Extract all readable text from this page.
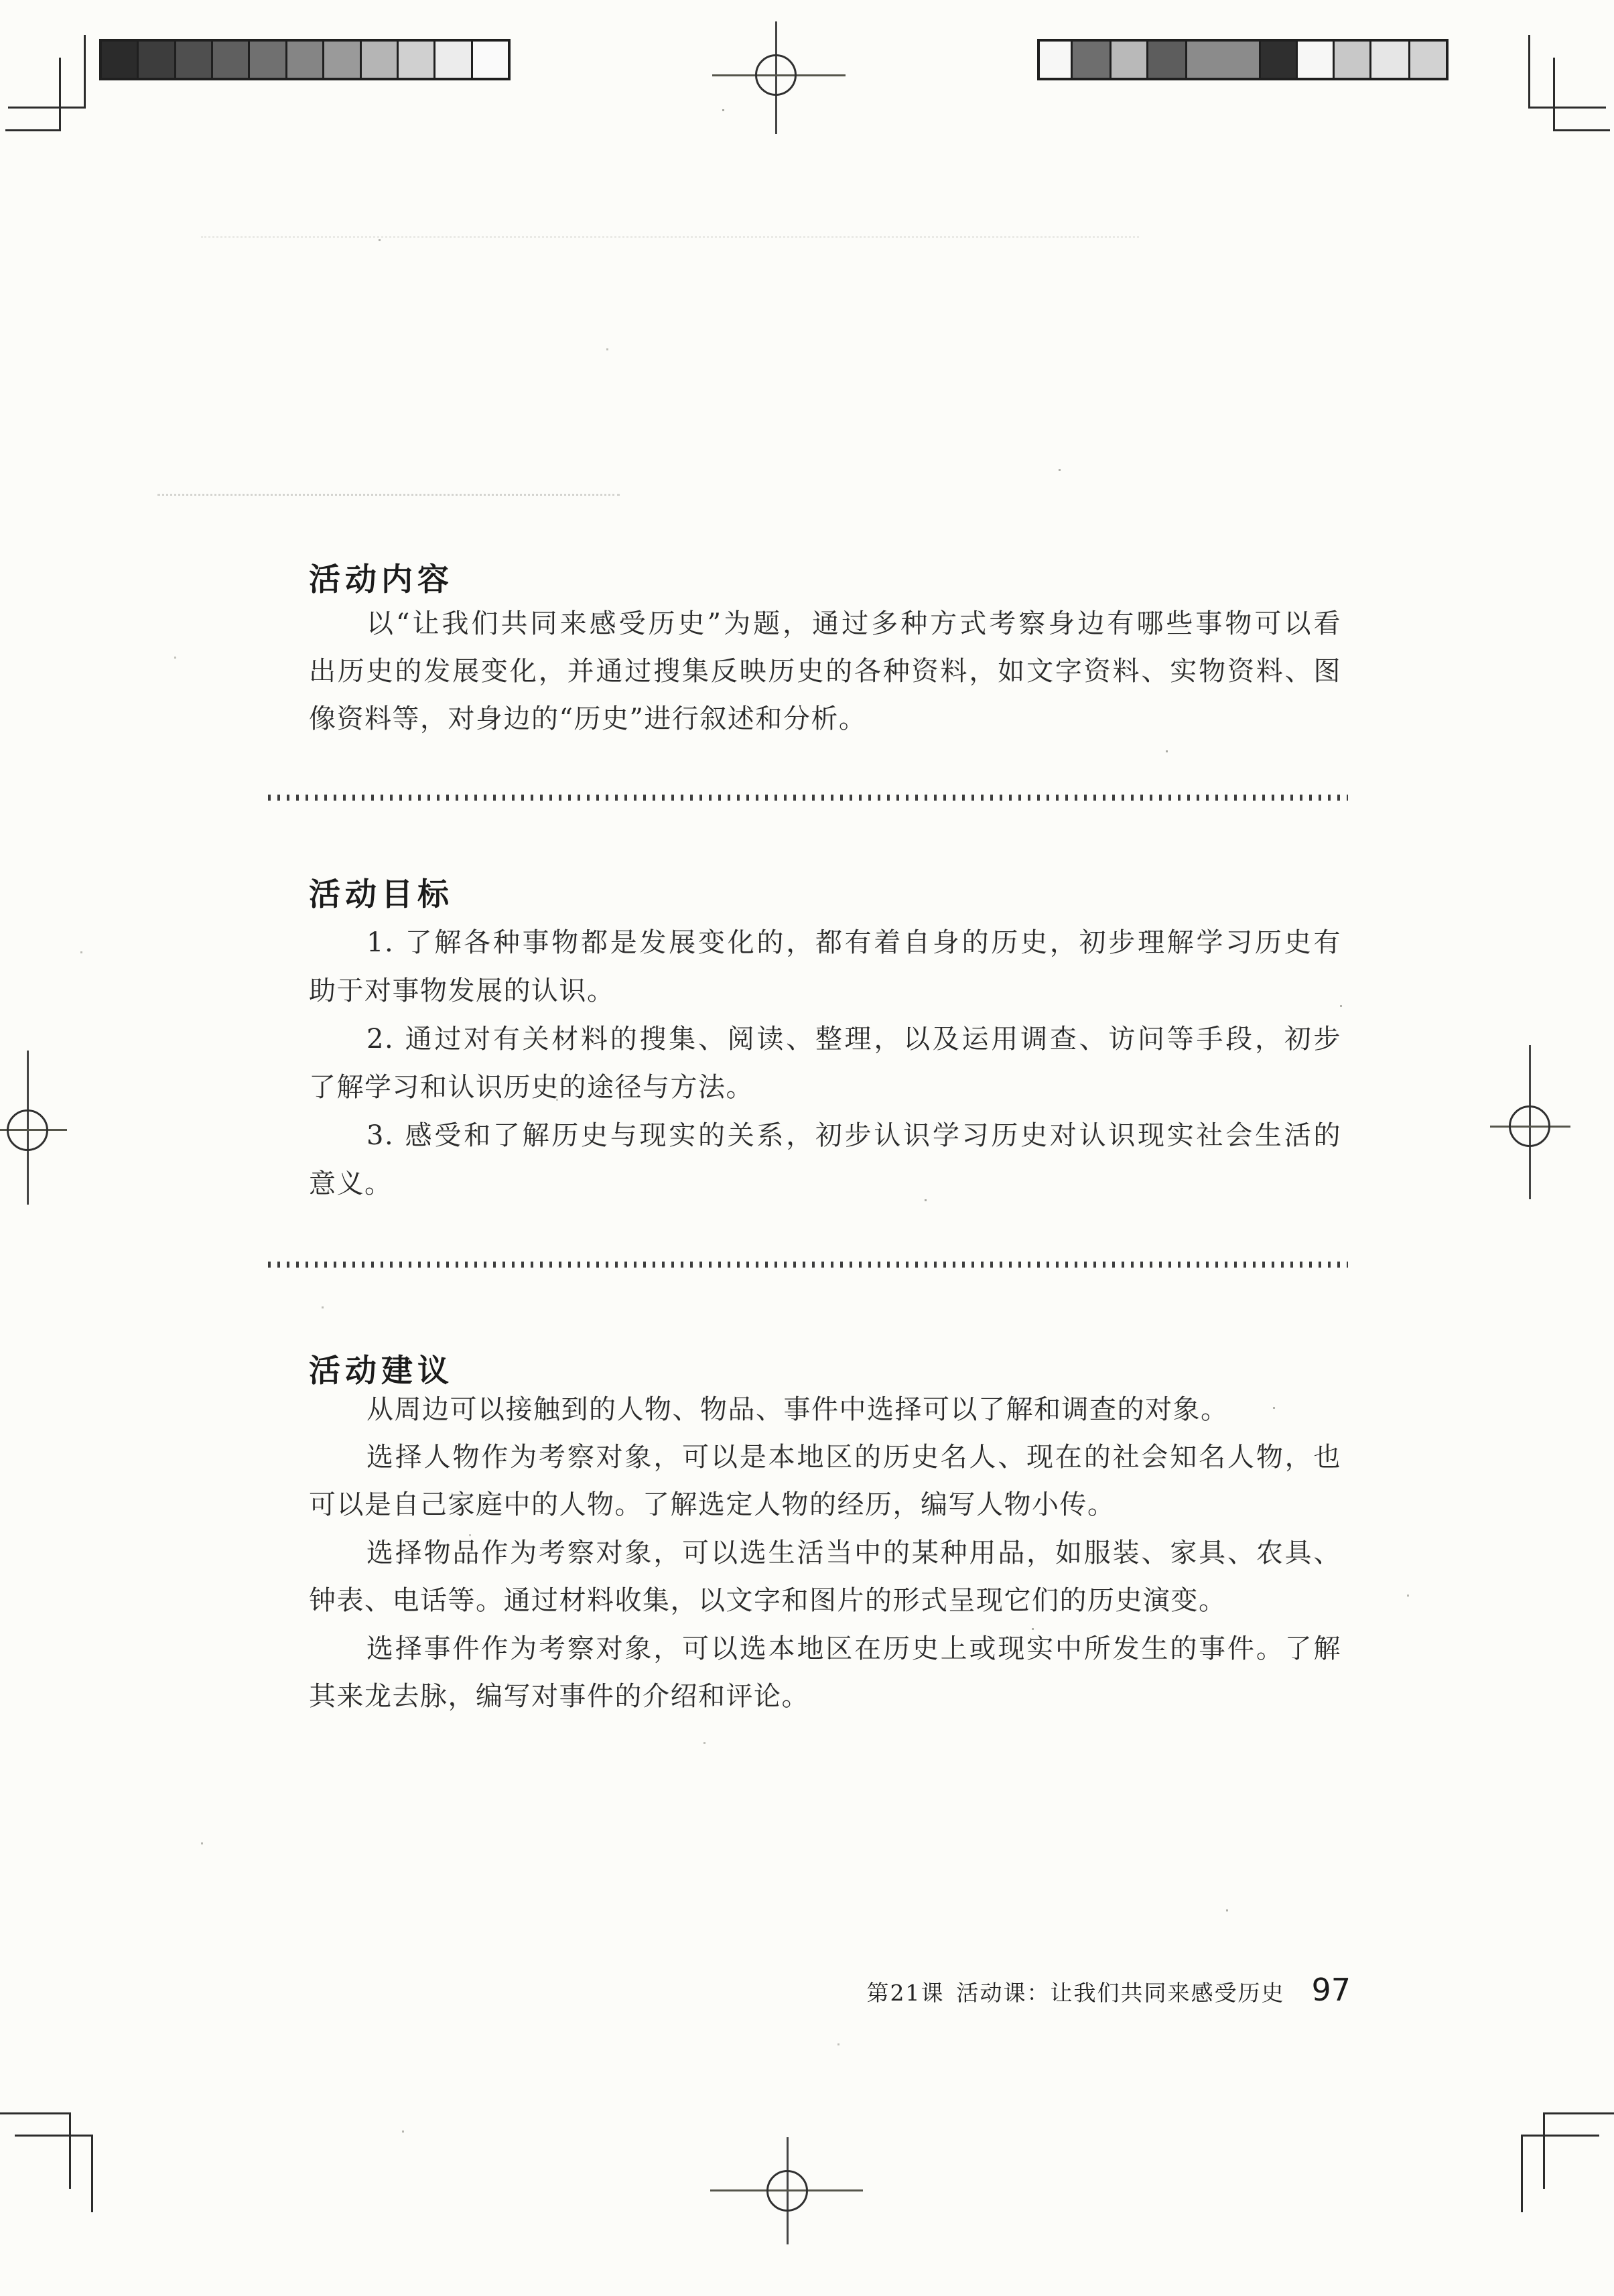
活动内容
以“让我们共同来感受历史”为题，通过多种方式考察身边有哪些事物可以看
出历史的发展变化，并通过搜集反映历史的各种资料，如文字资料、实物资料、图
像资料等，对身边的“历史”进行叙述和分析。
活动目标
1. 了解各种事物都是发展变化的，都有着自身的历史，初步理解学习历史有
助于对事物发展的认识。
2. 通过对有关材料的搜集、阅读、整理，以及运用调查、访问等手段，初步
了解学习和认识历史的途径与方法。
3. 感受和了解历史与现实的关系，初步认识学习历史对认识现实社会生活的
意义。
活动建议
从周边可以接触到的人物、物品、事件中选择可以了解和调查的对象。
选择人物作为考察对象，可以是本地区的历史名人、现在的社会知名人物，也
可以是自己家庭中的人物。了解选定人物的经历，编写人物小传。
选择物品作为考察对象，可以选生活当中的某种用品，如服装、家具、农具、
钟表、电话等。通过材料收集，以文字和图片的形式呈现它们的历史演变。
选择事件作为考察对象，可以选本地区在历史上或现实中所发生的事件。了解
其来龙去脉，编写对事件的介绍和评论。
第21课 活动课：让我们共同来感受历史 97
